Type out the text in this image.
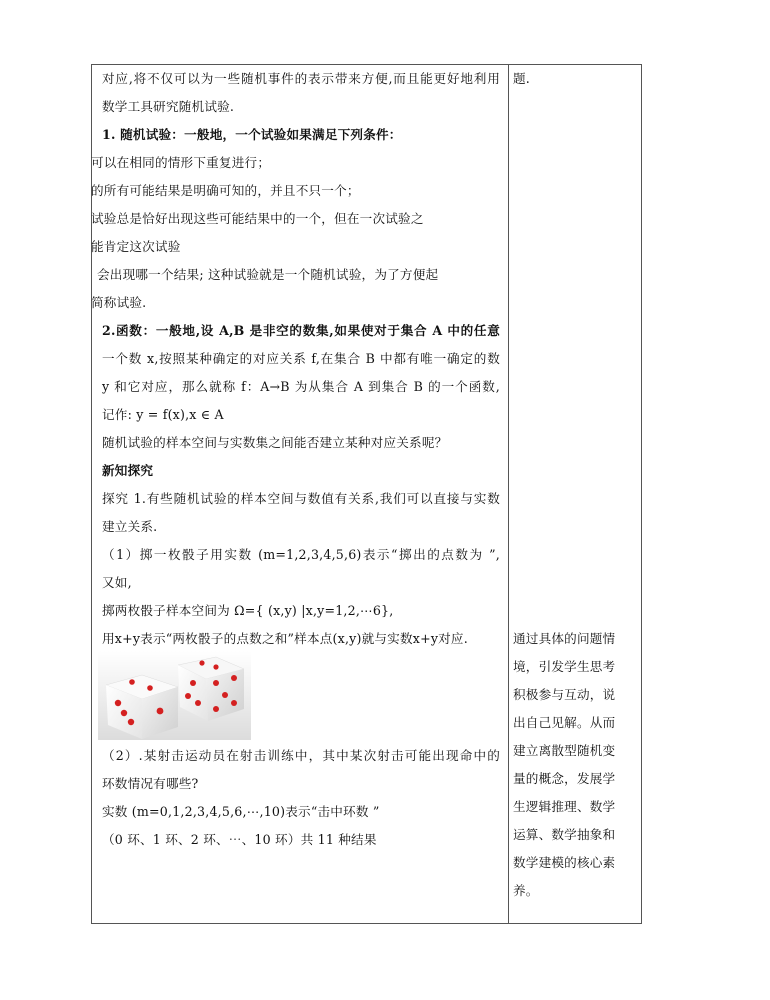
对应,将不仅可以为一些随机事件的表示带来方便,而且能更好地利用
数学工具研究随机试验.
1. 随机试验：一般地，一个试验如果满足下列条件：
可以在相同的情形下重复进行；
的所有可能结果是明确可知的，并且不只一个；
试验总是恰好出现这些可能结果中的一个，但在一次试验之
能肯定这次试验
会出现哪一个结果; 这种试验就是一个随机试验，为了方便起
简称试验.
2.函数：一般地,设 A,B 是非空的数集,如果使对于集合 A 中的任意
一个数 x,按照某种确定的对应关系 f,在集合 B 中都有唯一确定的数
y 和它对应，那么就称 f：A→B 为从集合 A 到集合 B 的一个函数,
记作: y = f(x),x ∈ A
随机试验的样本空间与实数集之间能否建立某种对应关系呢？
新知探究
探究 1.有些随机试验的样本空间与数值有关系,我们可以直接与实数
建立关系.
（1）掷一枚骰子用实数 (m=1,2,3,4,5,6)表示“掷出的点数为 ”,
又如,
掷两枚骰子样本空间为 Ω={ (x,y) |x,y=1,2,⋯6},
用x+y表示“两枚骰子的点数之和”样本点(x,y)就与实数x+y对应.
（2）.某射击运动员在射击训练中，其中某次射击可能出现命中的
环数情况有哪些?
实数 (m=0,1,2,3,4,5,6,⋯,10)表示“击中环数 ”
（0 环、1 环、2 环、⋯、10 环）共 11 种结果
题.
通过具体的问题情
境，引发学生思考
积极参与互动，说
出自己见解。从而
建立离散型随机变
量的概念，发展学
生逻辑推理、数学
运算、数学抽象和
数学建模的核心素
养。
